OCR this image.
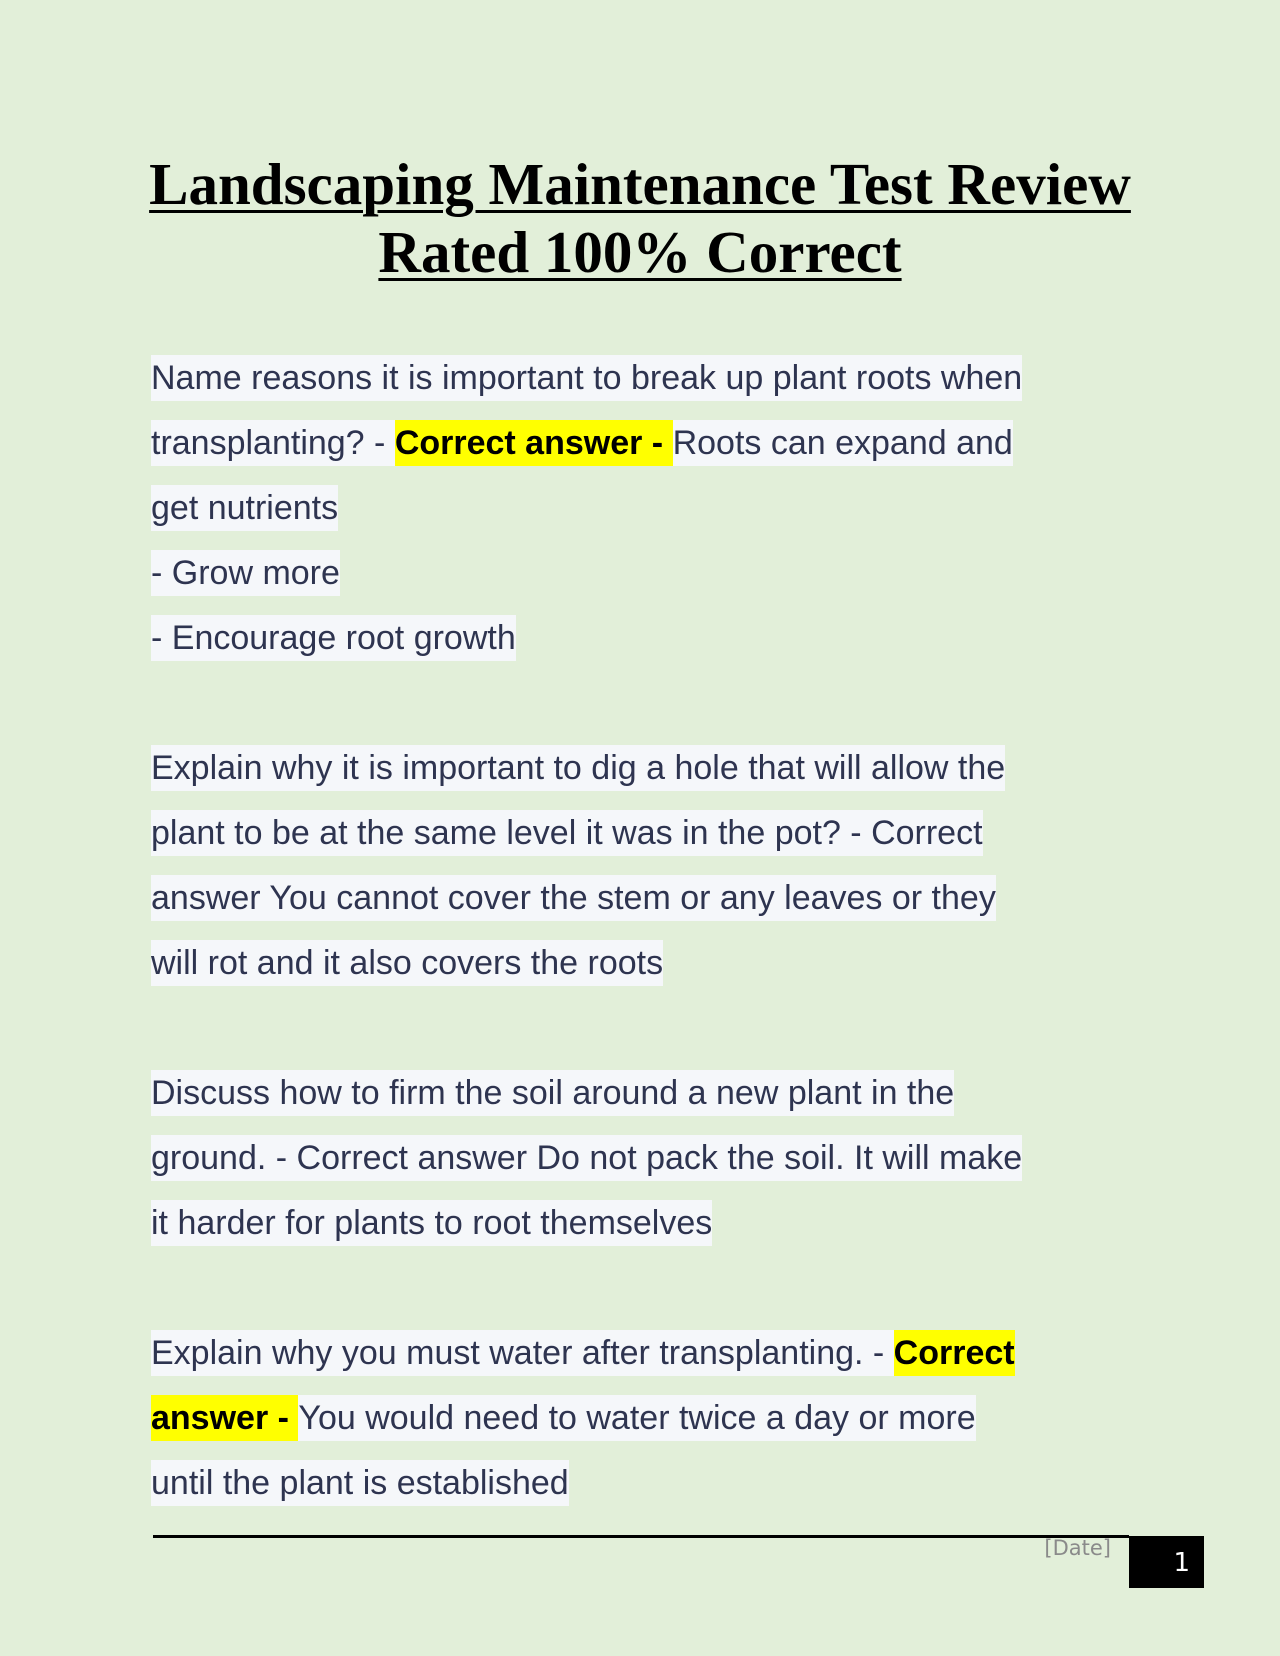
Landscaping Maintenance Test Review
Rated 100% Correct
Name reasons it is important to break up plant roots when
transplanting? - Correct answer - Roots can expand and
get nutrients
- Grow more
- Encourage root growth
Explain why it is important to dig a hole that will allow the
plant to be at the same level it was in the pot? - Correct
answer You cannot cover the stem or any leaves or they
will rot and it also covers the roots
Discuss how to firm the soil around a new plant in the
ground. - Correct answer Do not pack the soil. It will make
it harder for plants to root themselves
Explain why you must water after transplanting. - Correct
answer - You would need to water twice a day or more
until the plant is established
[Date]	1
